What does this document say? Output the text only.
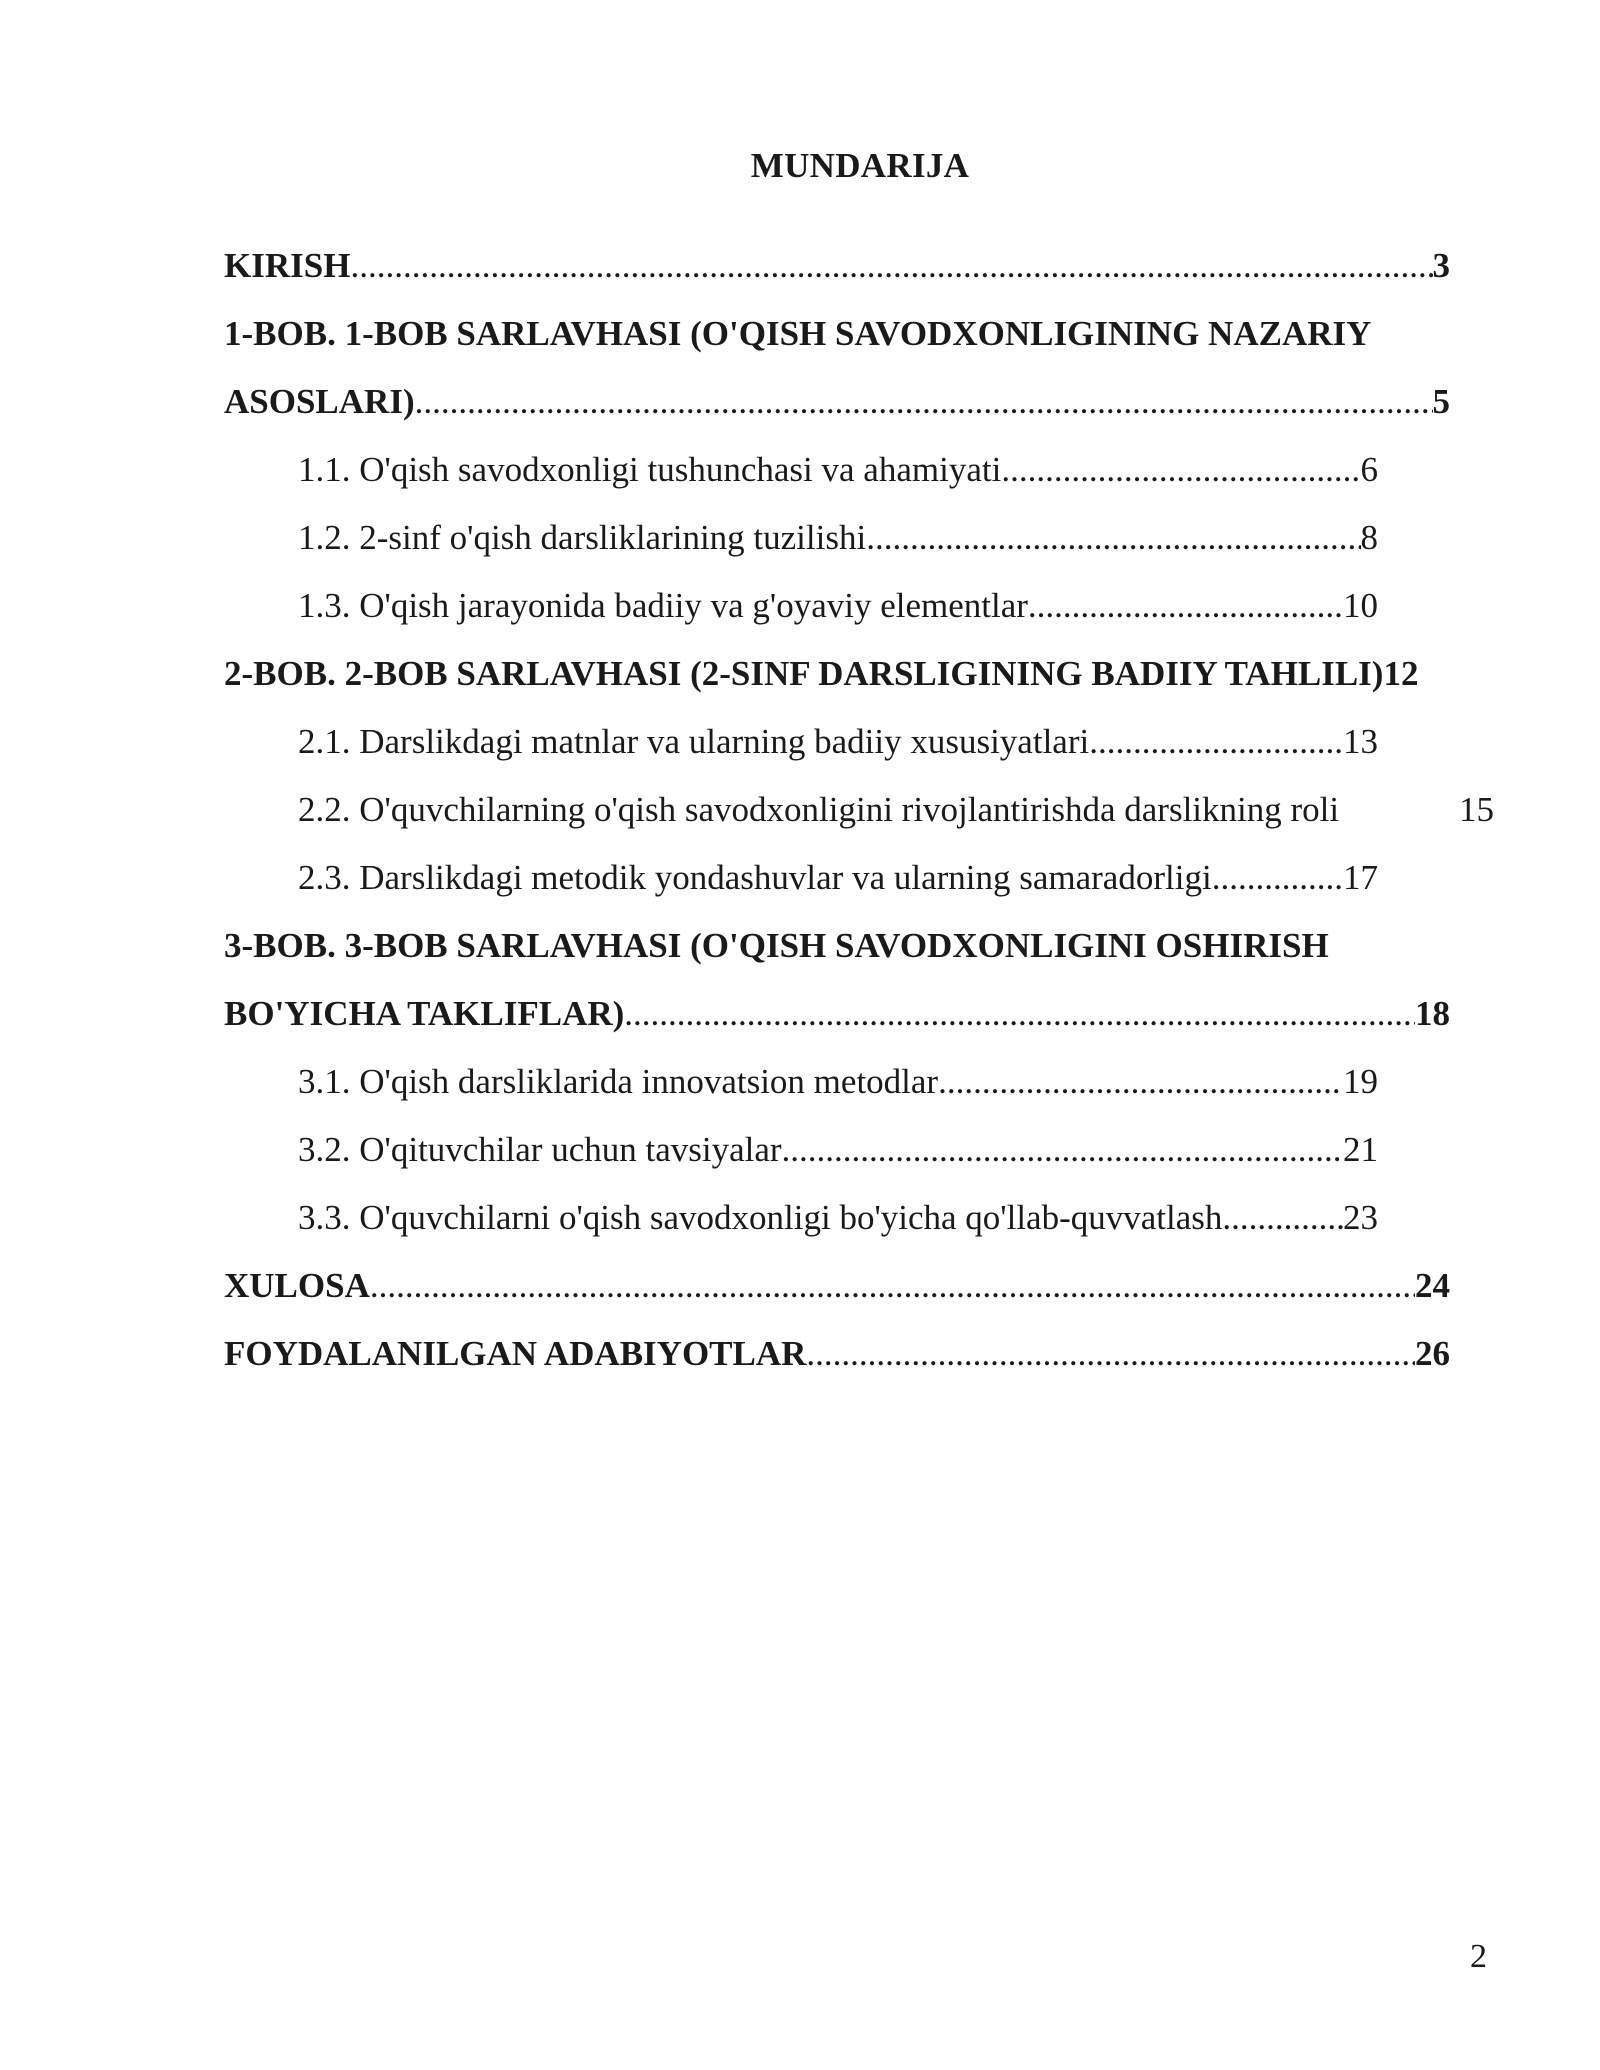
MUNDARIJA
KIRISH .....	3
1-BOB. 1-BOB SARLAVHASI (O'QISH SAVODXONLIGINING NAZARIY
ASOSLARI) .....	5
1.1. O'qish savodxonligi tushunchasi va ahamiyati .....	6
1.2. 2-sinf o'qish darsliklarining tuzilishi .....	8
1.3. O'qish jarayonida badiiy va g'oyaviy elementlar .....	10
2-BOB. 2-BOB SARLAVHASI (2-SINF DARSLIGINING BADIIY TAHLILI) 12
2.1. Darslikdagi matnlar va ularning badiiy xususiyatlari .....	13
2.2. O'quvchilarning o'qish savodxonligini rivojlantirishda darslikning roli	15
2.3. Darslikdagi metodik yondashuvlar va ularning samaradorligi .....	17
3-BOB. 3-BOB SARLAVHASI (O'QISH SAVODXONLIGINI OSHIRISH
BO'YICHA TAKLIFLAR) .....	18
3.1. O'qish darsliklarida innovatsion metodlar .....	19
3.2. O'qituvchilar uchun tavsiyalar .....	21
3.3. O'quvchilarni o'qish savodxonligi bo'yicha qo'llab-quvvatlash .....	23
XULOSA .....	24
FOYDALANILGAN ADABIYOTLAR .....	26
2
